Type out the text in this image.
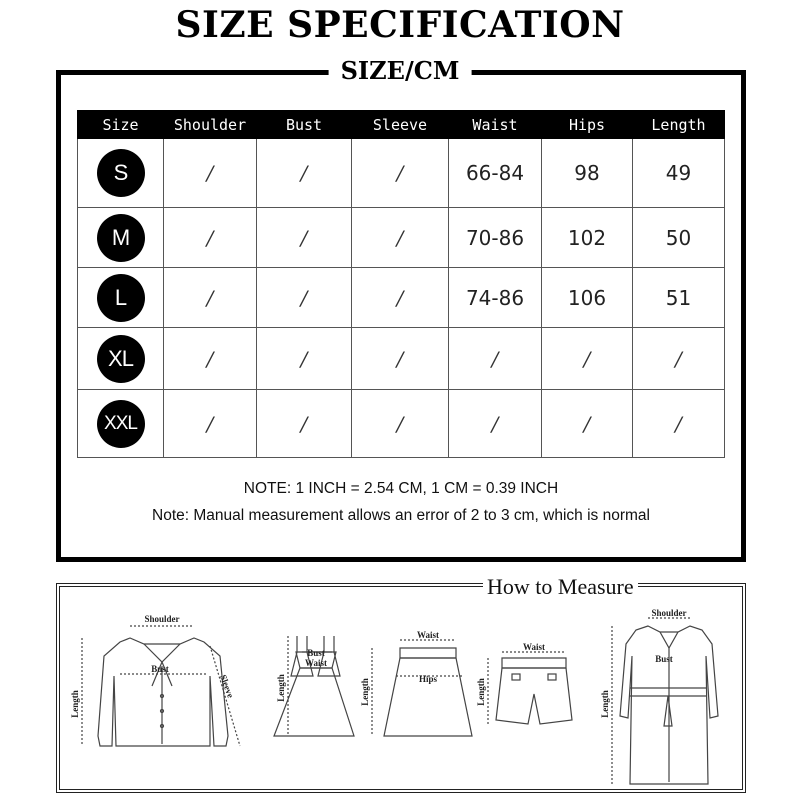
SIZE SPECIFICATION
SIZE/CM
Size	Shoulder	Bust	Sleeve	Waist	Hips	Length
S	/	/	/	66-84	98	49
M	/	/	/	70-86	102	50
L	/	/	/	74-86	106	51
XL	/	/	/	/	/	/
XXL	/	/	/	/	/	/
NOTE: 1 INCH = 2.54 CM, 1 CM = 0.39 INCH
Note: Manual measurement allows an error of 2 to 3 cm, which is normal
How to Measure
Shoulder
Bust
Sleeve
Length
Bust
Waist
Length
Waist
Hips
Length
Waist
Length
Shoulder
Bust
Length
